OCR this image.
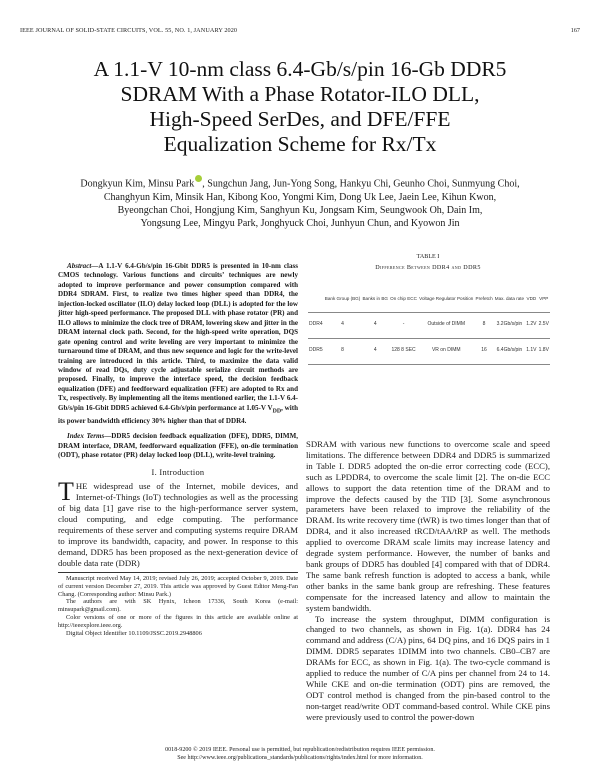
IEEE JOURNAL OF SOLID-STATE CIRCUITS, VOL. 55, NO. 1, JANUARY 2020	167
A 1.1-V 10-nm class 6.4-Gb/s/pin 16-Gb DDR5
SDRAM With a Phase Rotator-ILO DLL,
High-Speed SerDes, and DFE/FFE
Equalization Scheme for Rx/Tx
Dongkyun Kim, Minsu Park , Sungchun Jang, Jun-Yong Song, Hankyu Chi, Geunho Choi, Sunmyung Choi,
Changhyun Kim, Minsik Han, Kibong Koo, Yongmi Kim, Dong Uk Lee, Jaein Lee, Kihun Kwon,
Byeongchan Choi, Hongjung Kim, Sanghyun Ku, Jongsam Kim, Seungwook Oh, Dain Im,
Yongsung Lee, Mingyu Park, Jonghyuck Choi, Junhyun Chun, and Kyowon Jin

Abstract—A 1.1-V 6.4-Gb/s/pin 16-Gbit DDR5 is presented in 10-nm class CMOS technology. Various functions and circuits’ techniques are newly adopted to improve performance and power consumption compared with DDR4 SDRAM. First, to realize two times higher speed than DDR4, the injection-locked oscillator (ILO) delay locked loop (DLL) is adopted for the low jitter high-speed performance. The proposed DLL with phase rotator (PR) and ILO allows to minimize the clock tree of DRAM, lowering skew and jitter in the DRAM internal clock path. Second, for the high-speed write operation, DQS gate opening control and write leveling are very important to minimize the turnaround time of DRAM, and thus new sequence and logic for the write-level training are introduced in this article. Third, to maximize the data valid window of read DQs, duty cycle adjustable serialize circuit methods are proposed. Finally, to improve the interface speed, the decision feedback equalization (DFE) and feedforward equalization (FFE) are adopted to Rx and Tx, respectively. By implementing all the items mentioned earlier, the 1.1-V 6.4-Gb/s/pin 16-Gbit DDR5 achieved 6.4-Gb/s/pin performance at 1.05-V $V_{DD}$, with its power bandwidth efficiency 30% higher than that of DDR4.

Index Terms—DDR5 decision feedback equalization (DFE), DDR5, DIMM, DRAM interface, DRAM, feedforward equalization (FFE), on-die termination (ODT), phase rotator (PR) delay locked loop (DLL), write-level training.

I. Introduction

THE widespread use of the Internet, mobile devices, and Internet-of-Things (IoT) technologies as well as the processing of big data [1] gave rise to the high-performance server system, cloud computing, and edge computing. The performance requirements of these server and computing systems require DRAM to improve its bandwidth, capacity, and power. In response to this demand, DDR5 has been proposed as the next-generation device of double data rate (DDR)

Manuscript received May 14, 2019; revised July 26, 2019; accepted October 9, 2019. Date of current version December 27, 2019. This article was approved by Guest Editor Meng-Fan Chang. (Corresponding author: Minsu Park.)

The authors are with SK Hynix, Icheon 17336, South Korea (e-mail: minsupark@gmail.com).

Color versions of one or more of the figures in this article are available online at http://ieeexplore.ieee.org.

Digital Object Identifier 10.1109/JSSC.2019.2948806

TABLE I
Difference Between DDR4 and DDR5
	Bank Group (BG)	Banks in BG	On chip ECC	Voltage Regulator Position	Prefetch	Max. data rate	VDD	VPP
DDR4	4	4	-	Outside of DIMM	8	3.2Gb/s/pin	1.2V	2.5V
DDR5	8	4	128 8 SEC	VR on DIMM	16	6.4Gb/s/pin	1.1V	1.8V

SDRAM with various new functions to overcome scale and speed limitations. The difference between DDR4 and DDR5 is summarized in Table I. DDR5 adopted the on-die error correcting code (ECC), such as LPDDR4, to overcome the scale limit [2]. The on-die ECC allows to support the data retention time of the DRAM and to improve the defects caused by the TID [3]. Some asynchronous parameters have been relaxed to improve the reliability of the DRAM. Its write recovery time (tWR) is two times longer than that of DDR4, and it also increased tRCD/tAA/tRP as well. The methods applied to overcome DRAM scale limits may increase latency and degrade system performance. However, the number of banks and bank groups of DDR5 has doubled [4] compared with that of DDR4. The same bank refresh function is adopted to access a bank, while other banks in the same bank group are refreshing. These features compensate for the increased latency and allow to maintain the system bandwidth.

To increase the system throughput, DIMM configuration is changed to two channels, as shown in Fig. 1(a). DDR4 has 24 command and address (C/A) pins, 64 DQ pins, and 16 DQS pairs in 1 DIMM. DDR5 separates 1DIMM into two channels. CB0–CB7 are DRAMs for ECC, as shown in Fig. 1(a). The two-cycle command is applied to reduce the number of C/A pins per channel from 24 to 14. While CKE and on-die termination (ODT) pins are removed, the ODT control method is changed from the pin-based control to the non-target read/write ODT command-based control. While CKE pins were previously used to control the power-down

0018-9200 © 2019 IEEE. Personal use is permitted, but republication/redistribution requires IEEE permission.
See http://www.ieee.org/publications_standards/publications/rights/index.html for more information.
